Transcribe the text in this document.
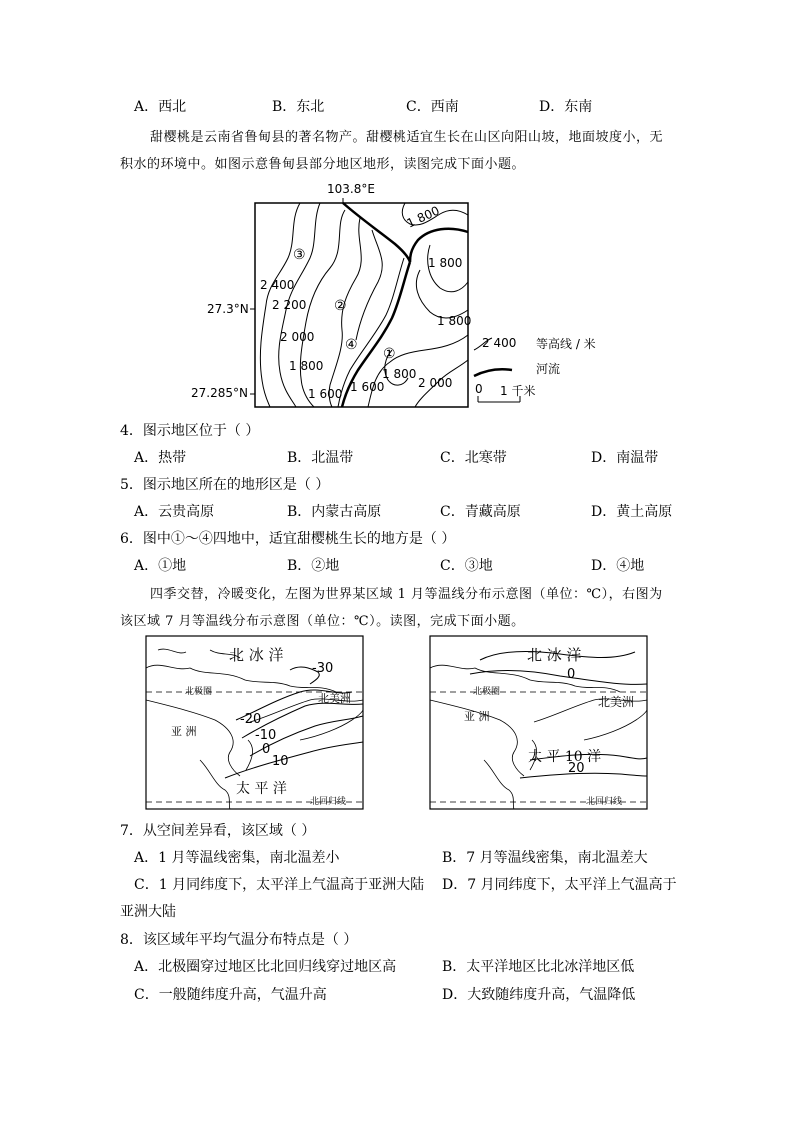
A．西北	B．东北	C．西南	D．东南
甜樱桃是云南省鲁甸县的著名物产。甜樱桃适宜生长在山区向阳山坡，地面坡度小，无
积水的环境中。如图示意鲁甸县部分地区地形，读图完成下面小题。
103.8°E
27.3°N
27.285°N
1 800
1 800
2 400
2 200
2 000
1 800
1 600
1 800
1 600	2 000
1 800
①
②
③
④	2 400 等高线 / 米
河流
0 1 千米
4．图示地区位于（ ）
A．热带	B．北温带	C．北寒带	D．南温带
5．图示地区所在的地形区是（ ）
A．云贵高原	B．内蒙古高原	C．青藏高原	D．黄土高原
6．图中①～④四地中，适宜甜樱桃生长的地方是（ ）
A．①地	B．②地	C．③地	D．④地
四季交替，冷暖变化，左图为世界某区域 1 月等温线分布示意图（单位：℃），右图为
该区域 7 月等温线分布示意图（单位：℃）。读图，完成下面小题。
北 冰 洋
-30
北极圈	北美洲
-20
亚 洲	-10
0
10
太 平 洋
北回归线
北 冰 洋
0
北极圈
北美洲
亚 洲
太 平 10 洋
20
北回归线
7．从空间差异看，该区域（ ）
A．1 月等温线密集，南北温差小	B．7 月等温线密集，南北温差大
C．1 月同纬度下，太平洋上气温高于亚洲大陆 D．7 月同纬度下，太平洋上气温高于
亚洲大陆
8．该区域年平均气温分布特点是（ ）
A．北极圈穿过地区比北回归线穿过地区高	B．太平洋地区比北冰洋地区低
C．一般随纬度升高，气温升高	D．大致随纬度升高，气温降低
